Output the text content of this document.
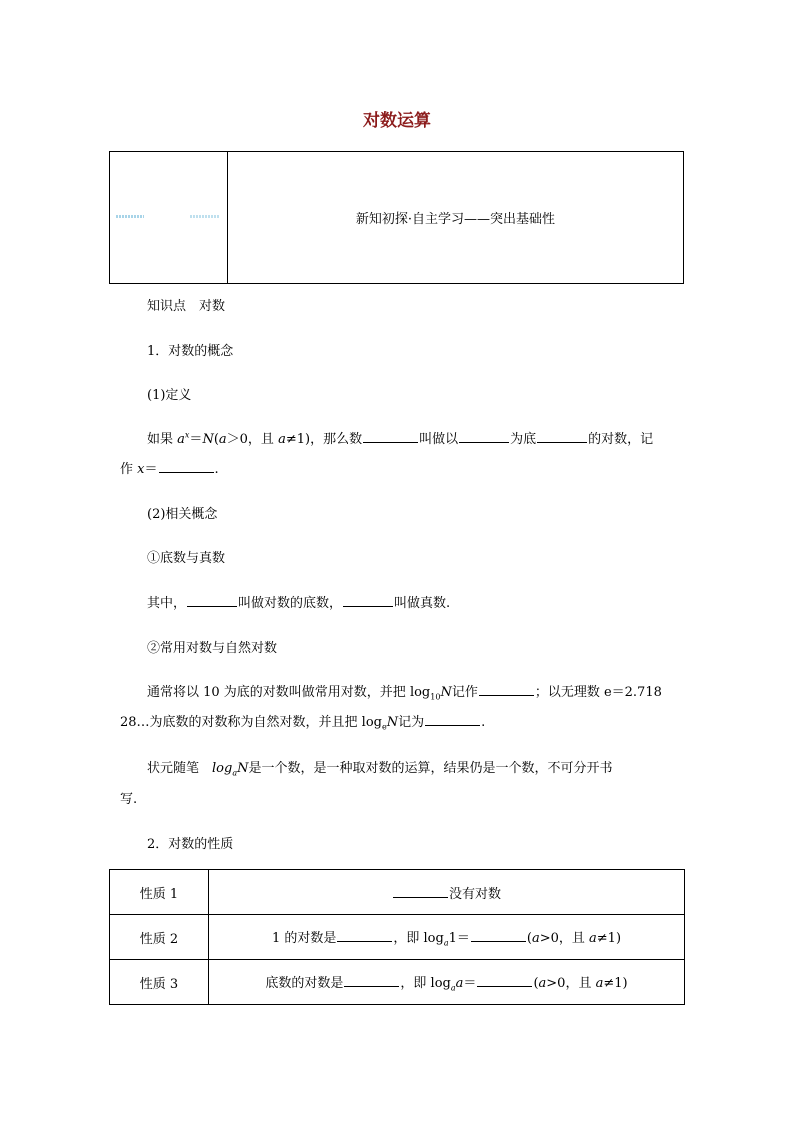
对数运算
新知初探·自主学习——突出基础性
知识点　对数
1．对数的概念
(1)定义
如果 $a^x=N(a>0$，且 a≠1)，那么数	叫做以	为底	的对数，记
作 x＝	.
(2)相关概念
①底数与真数
其中，	叫做对数的底数，	叫做真数.
②常用对数与自然对数
通常将以 10 为底的对数叫做常用对数，并把 $\log_{10}N$记作	；以无理数 e＝2.718
28…为底数的对数称为自然对数，并且把 $\log_eN$记为	.
状元随笔　$\log_aN$是一个数，是一种取对数的运算，结果仍是一个数，不可分开书
写.
2．对数的性质
性质 1	没有对数
性质 2	1 的对数是 ，即 $\log_a1= (a>0$，且 a≠1)
性质 3	底数的对数是 ，即 $\log_aa= (a>0$，且 a≠1)
